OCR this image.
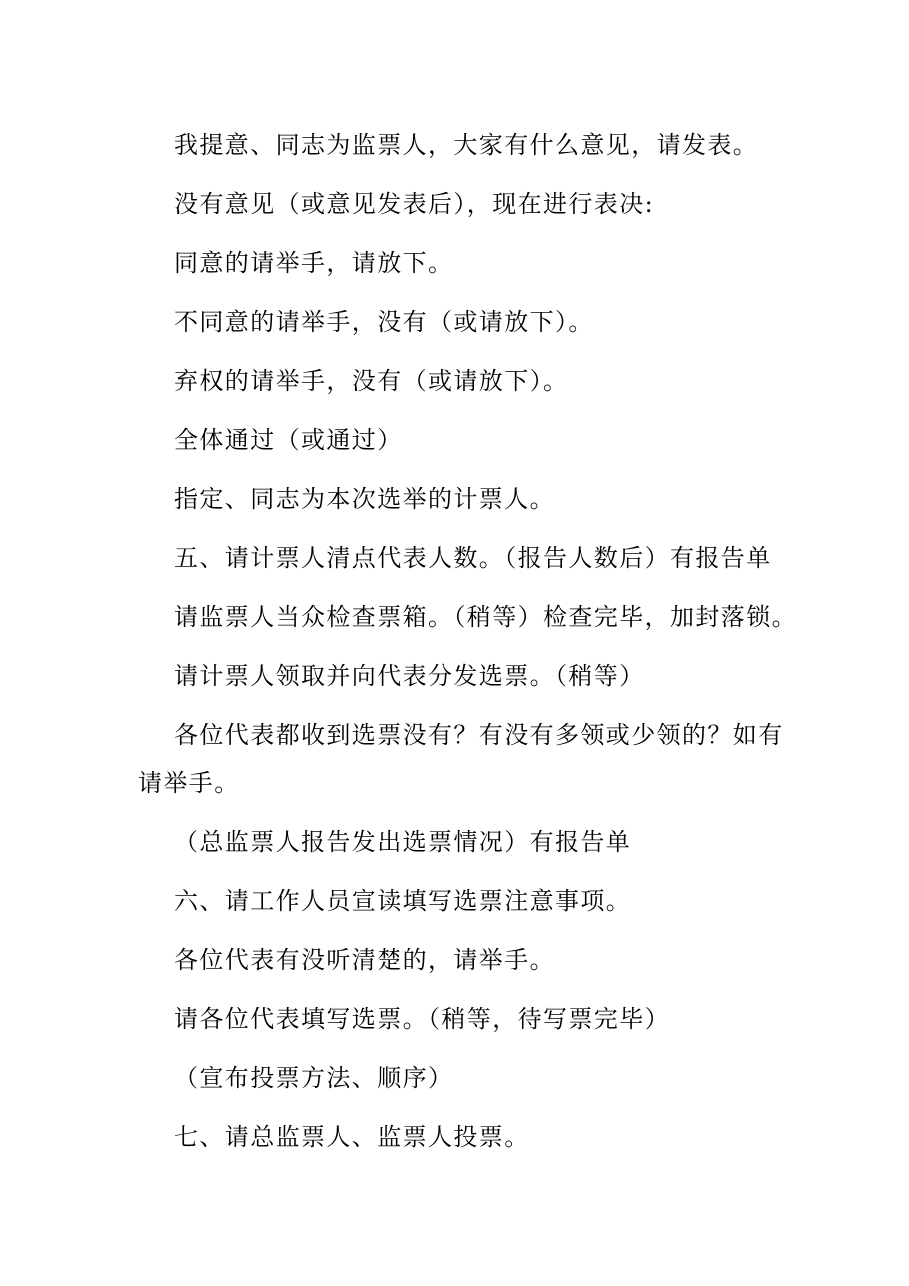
我提意、同志为监票人，大家有什么意见，请发表。

没有意见（或意见发表后），现在进行表决:

同意的请举手，请放下。

不同意的请举手，没有（或请放下）。

弃权的请举手，没有（或请放下）。

全体通过（或通过）

指定、同志为本次选举的计票人。

五、请计票人清点代表人数。（报告人数后）有报告单

请监票人当众检查票箱。（稍等）检查完毕，加封落锁。

请计票人领取并向代表分发选票。（稍等）

各位代表都收到选票没有？有没有多领或少领的？如有请举手。

（总监票人报告发出选票情况）有报告单

六、请工作人员宣读填写选票注意事项。

各位代表有没听清楚的，请举手。

请各位代表填写选票。（稍等，待写票完毕）

（宣布投票方法、顺序）

七、请总监票人、监票人投票。
